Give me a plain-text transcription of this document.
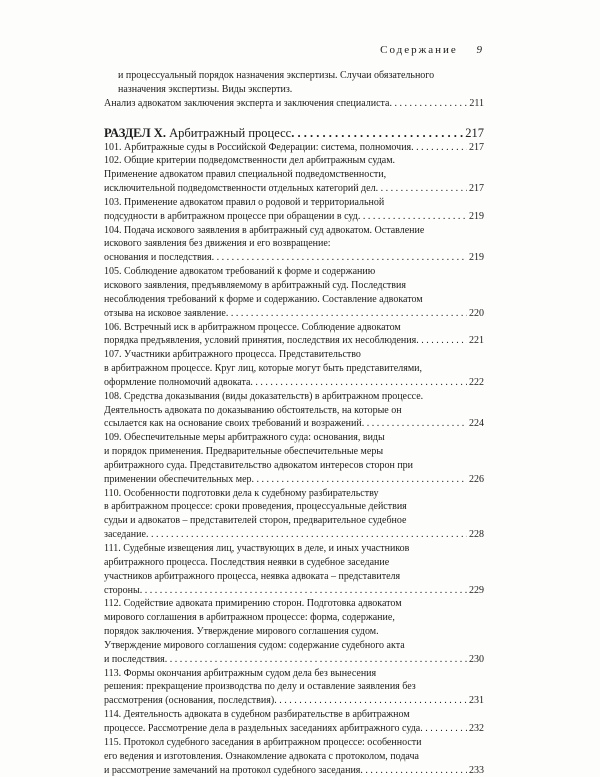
Содержание 9
и процессуальный порядок назначения экспертизы. Случаи обязательного
назначения экспертизы. Виды экспертиз.
Анализ адвокатом заключения эксперта и заключения специалиста . . .	211
РАЗДЕЛ X. Арбитражный процесс . . .	217
101. Арбитражные суды в Российской Федерации: система, полномочия . . .	217
102. Общие критерии подведомственности дел арбитражным судам.
Применение адвокатом правил специальной подведомственности,
исключительной подведомственности отдельных категорий дел . . .	217
103. Применение адвокатом правил о родовой и территориальной
подсудности в арбитражном процессе при обращении в суд . . .	219
104. Подача искового заявления в арбитражный суд адвокатом. Оставление
искового заявления без движения и его возвращение:
основания и последствия . . .	219
105. Соблюдение адвокатом требований к форме и содержанию
искового заявления, предъявляемому в арбитражный суд. Последствия
несоблюдения требований к форме и содержанию. Составление адвокатом
отзыва на исковое заявление . . .	220
106. Встречный иск в арбитражном процессе. Соблюдение адвокатом
порядка предъявления, условий принятия, последствия их несоблюдения . . .	221
107. Участники арбитражного процесса. Представительство
в арбитражном процессе. Круг лиц, которые могут быть представителями,
оформление полномочий адвоката . . .	222
108. Средства доказывания (виды доказательств) в арбитражном процессе.
Деятельность адвоката по доказыванию обстоятельств, на которые он
ссылается как на основание своих требований и возражений . . .	224
109. Обеспечительные меры арбитражного суда: основания, виды
и порядок применения. Предварительные обеспечительные меры
арбитражного суда. Представительство адвокатом интересов сторон при
применении обеспечительных мер . . .	226
110. Особенности подготовки дела к судебному разбирательству
в арбитражном процессе: сроки проведения, процессуальные действия
судьи и адвокатов – представителей сторон, предварительное судебное
заседание . . .	228
111. Судебные извещения лиц, участвующих в деле, и иных участников
арбитражного процесса. Последствия неявки в судебное заседание
участников арбитражного процесса, неявка адвоката – представителя
стороны . . .	229
112. Содействие адвоката примирению сторон. Подготовка адвокатом
мирового соглашения в арбитражном процессе: форма, содержание,
порядок заключения. Утверждение мирового соглашения судом.
Утверждение мирового соглашения судом: содержание судебного акта
и последствия . . .	230
113. Формы окончания арбитражным судом дела без вынесения
решения: прекращение производства по делу и оставление заявления без
рассмотрения (основания, последствия) . . .	231
114. Деятельность адвоката в судебном разбирательстве в арбитражном
процессе. Рассмотрение дела в раздельных заседаниях арбитражного суда . . .	232
115. Протокол судебного заседания в арбитражном процессе: особенности
его ведения и изготовления. Ознакомление адвоката с протоколом, подача
и рассмотрение замечаний на протокол судебного заседания . . .	233
